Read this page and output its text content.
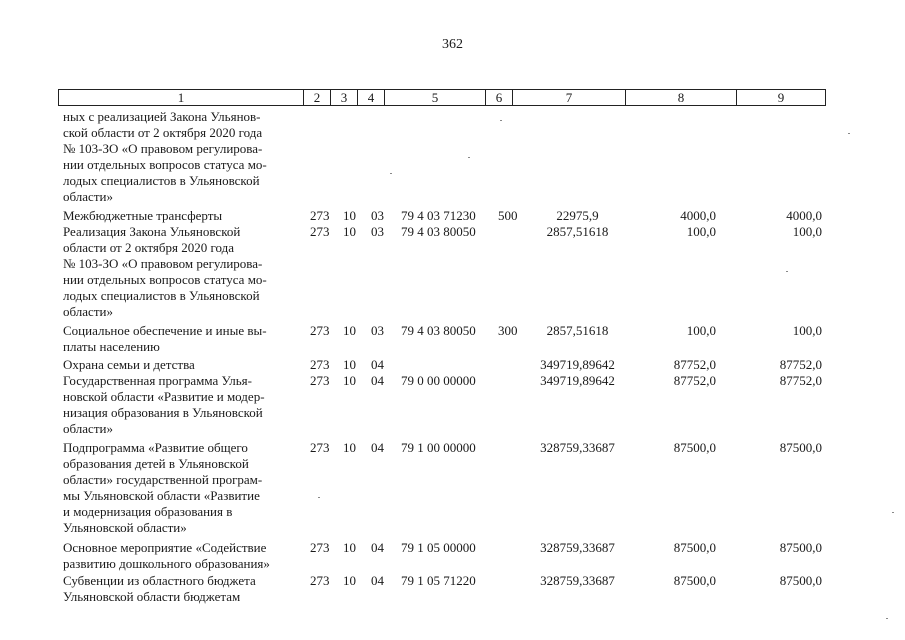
362
1	2	3	4	5	6	7	8	9
ных с реализацией Закона Ульянов-
ской области от 2 октября 2020 года
№ 103-ЗО «О правовом регулирова-
нии отдельных вопросов статуса мо-
лодых специалистов в Ульяновской
области»
Межбюджетные трансферты	273 10 03 79 4 03 71230 500	22975,9	4000,0	4000,0
Реализация Закона Ульяновской
области от 2 октября 2020 года
№ 103-ЗО «О правовом регулирова-
нии отдельных вопросов статуса мо-
лодых специалистов в Ульяновской
области»
273 10 03 79 4 03 80050	2857,51618	100,0	100,0
Социальное обеспечение и иные вы-
платы населению
273 10 03 79 4 03 80050 300	2857,51618	100,0	100,0
Охрана семьи и детства	273 10 04	349719,89642	87752,0	87752,0
Государственная программа Улья-
новской области «Развитие и модер-
низация образования в Ульяновской
области»
273 10 04 79 0 00 00000	349719,89642	87752,0	87752,0
Подпрограмма «Развитие общего
образования детей в Ульяновской
области» государственной програм-
мы Ульяновской области «Развитие
и модернизация образования в
Ульяновской области»
273 10 04 79 1 00 00000	328759,33687	87500,0	87500,0
Основное мероприятие «Содействие
развитию дошкольного образования»
273 10 04 79 1 05 00000	328759,33687	87500,0	87500,0
Субвенции из областного бюджета
Ульяновской области бюджетам
273 10 04 79 1 05 71220	328759,33687	87500,0	87500,0
